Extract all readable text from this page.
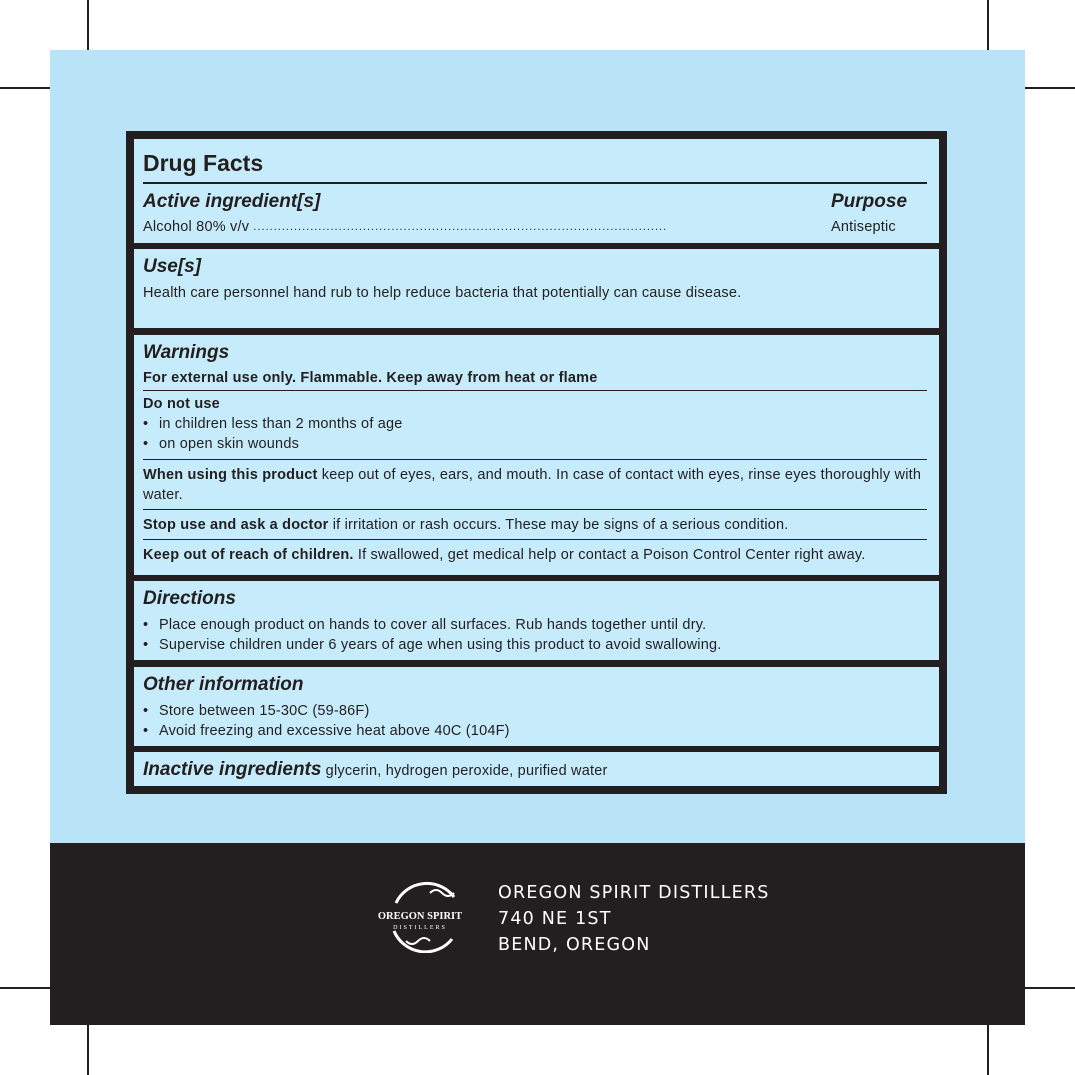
Drug Facts
Active ingredient[s]	Purpose
Alcohol 80% v/v ......................................................................................................	Antiseptic
Use[s]
Health care personnel hand rub to help reduce bacteria that potentially can cause disease.
Warnings
For external use only. Flammable. Keep away from heat or flame
Do not use
• in children less than 2 months of age
• on open skin wounds
When using this product keep out of eyes, ears, and mouth. In case of contact with eyes, rinse eyes thoroughly with water.
Stop use and ask a doctor if irritation or rash occurs. These may be signs of a serious condition.
Keep out of reach of children. If swallowed, get medical help or contact a Poison Control Center right away.
Directions
• Place enough product on hands to cover all surfaces. Rub hands together until dry.
• Supervise children under 6 years of age when using this product to avoid swallowing.
Other information
• Store between 15-30C (59-86F)
• Avoid freezing and excessive heat above 40C (104F)
Inactive ingredients glycerin, hydrogen peroxide, purified water
OREGON SPIRIT
DISTILLERS
OREGON SPIRIT DISTILLERS
740 NE 1ST
BEND, OREGON
